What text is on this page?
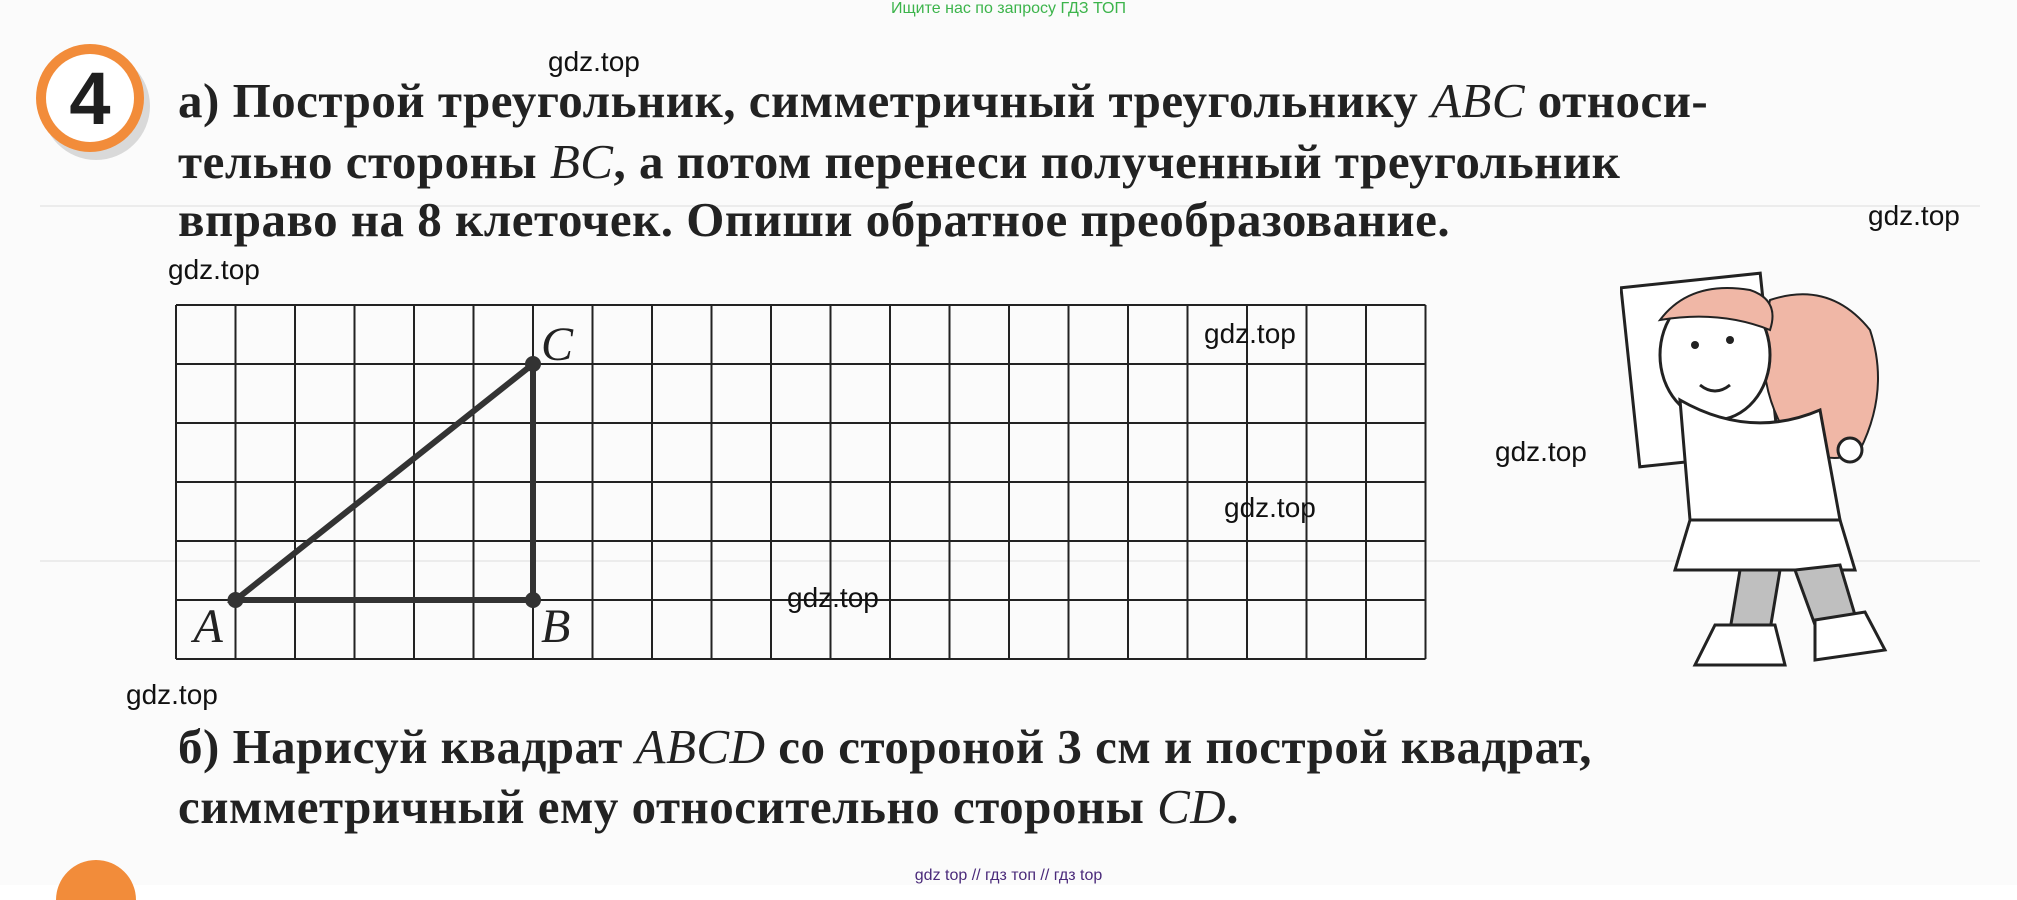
Ищите нас по запросу ГДЗ ТОП
4	а) Построй треугольник, симметричный треугольнику ABC относи-
тельно стороны BC, а потом перенеси полученный треугольник
вправо на 8 клеточек. Опиши обратное преобразование.
A	B
C
б) Нарисуй квадрат ABCD со стороной 3 см и построй квадрат,
симметричный ему относительно стороны CD.
gdz.top
gdz.top
gdz.top
gdz.top
gdz.top
gdz.top
gdz.top
gdz.top
gdz top // гдз топ // гдз top
